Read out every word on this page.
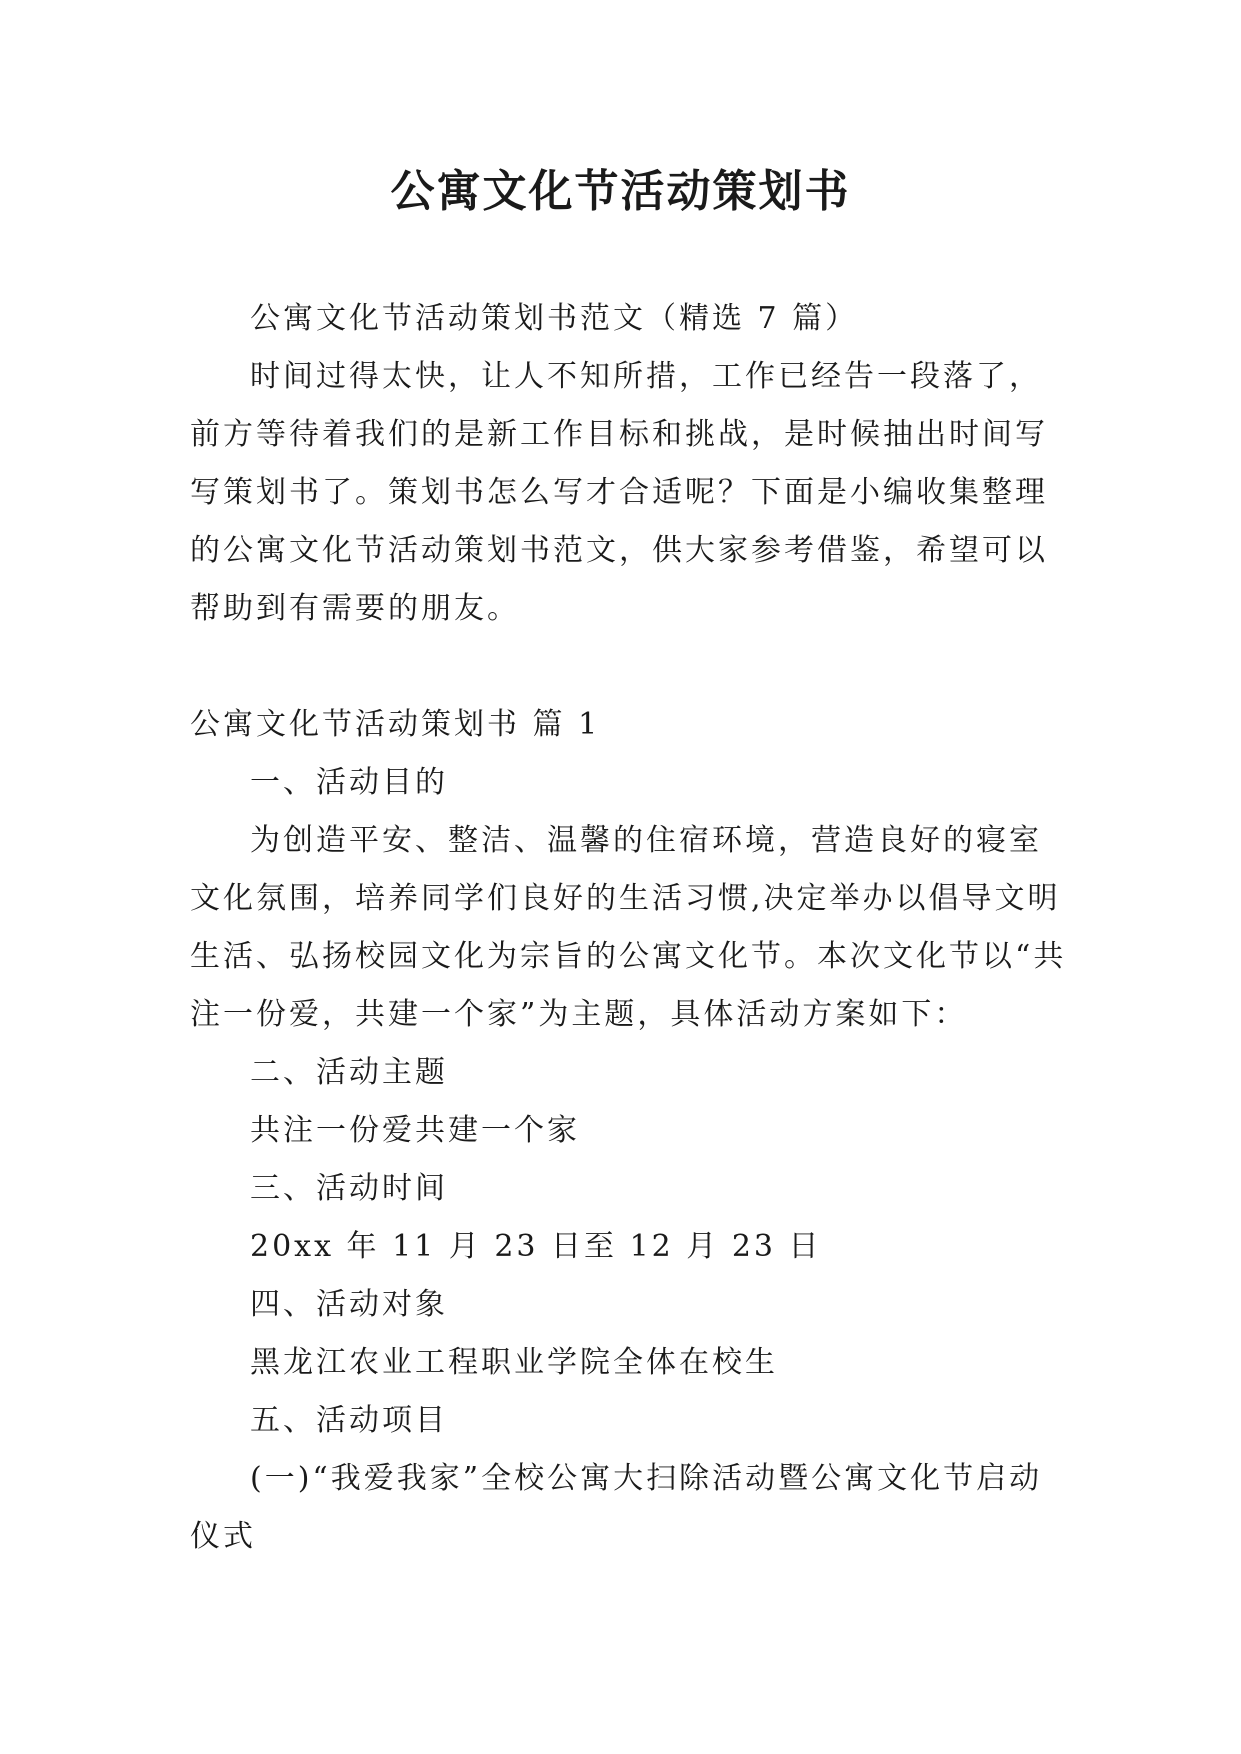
公寓文化节活动策划书

公寓文化节活动策划书范文（精选 7 篇）

时间过得太快，让人不知所措，工作已经告一段落了，前方等待着我们的是新工作目标和挑战，是时候抽出时间写写策划书了。策划书怎么写才合适呢？下面是小编收集整理的公寓文化节活动策划书范文，供大家参考借鉴，希望可以帮助到有需要的朋友。

公寓文化节活动策划书 篇 1

一、活动目的

为创造平安、整洁、温馨的住宿环境，营造良好的寝室文化氛围，培养同学们良好的生活习惯,决定举办以倡导文明生活、弘扬校园文化为宗旨的公寓文化节。本次文化节以“共注一份爱，共建一个家”为主题，具体活动方案如下：

二、活动主题

共注一份爱共建一个家

三、活动时间

20xx 年 11 月 23 日至 12 月 23 日

四、活动对象

黑龙江农业工程职业学院全体在校生

五、活动项目

(一)“我爱我家”全校公寓大扫除活动暨公寓文化节启动仪式
